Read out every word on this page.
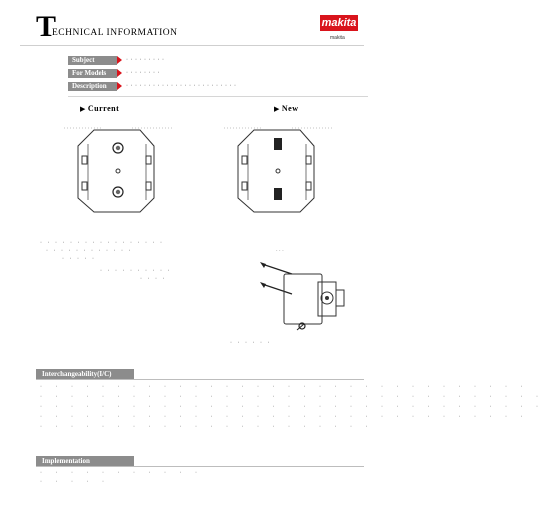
T
ECHNICAL INFORMATION
makita
makita
Subject	· · · · · · · · ·
For Models	· · · · · · · ·
Description	· · · · · · · · · · · · · · · · · · · · · · · · ·
▶ Current	▶ New
· · · · · · · · · · · · · · · · ·
· · · · · · · · · · · ·
· · · · ·
· · · · · · · · · ·
· · · ·
· · ·
· · · · · ·
Interchangeability(I/C)
· · · · · · · · · · · · · · · · · · · · · · · · · · · · · · · ·
· · · · · · · · · · · · · · · · · · · · · · · · · · · · · · · · ·
· · · · · · · · · · · · · · · · · · · · · · · · · · · · · · · · ·
· · · · · · · · · · · · · · · · · · · · · · · · · · · · · · · ·
· · · · · · · · · · · · · · · · · · · · · ·
Implementation
· · · · · · · · · · ·
· · · · ·
